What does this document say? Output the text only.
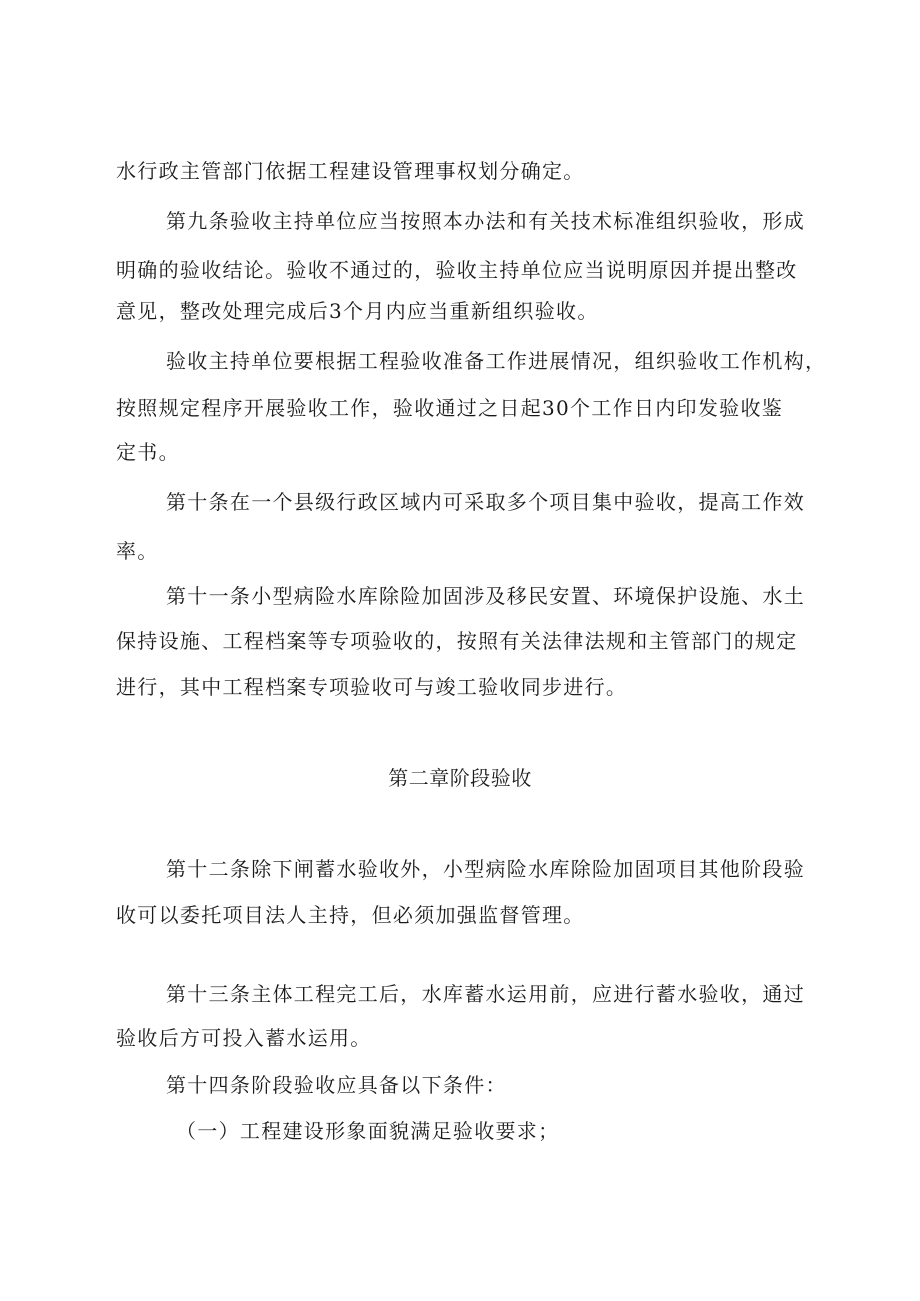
水行政主管部门依据工程建设管理事权划分确定。
第九条验收主持单位应当按照本办法和有关技术标准组织验收，形成
明确的验收结论。验收不通过的，验收主持单位应当说明原因并提出整改
意见，整改处理完成后3个月内应当重新组织验收。
验收主持单位要根据工程验收准备工作进展情况，组织验收工作机构，
按照规定程序开展验收工作，验收通过之日起30个工作日内印发验收鉴
定书。
第十条在一个县级行政区域内可采取多个项目集中验收，提高工作效
率。
第十一条小型病险水库除险加固涉及移民安置、环境保护设施、水土
保持设施、工程档案等专项验收的，按照有关法律法规和主管部门的规定
进行，其中工程档案专项验收可与竣工验收同步进行。
第二章阶段验收
第十二条除下闸蓄水验收外，小型病险水库除险加固项目其他阶段验
收可以委托项目法人主持，但必须加强监督管理。
第十三条主体工程完工后，水库蓄水运用前，应进行蓄水验收，通过
验收后方可投入蓄水运用。
第十四条阶段验收应具备以下条件：
（一）工程建设形象面貌满足验收要求；
